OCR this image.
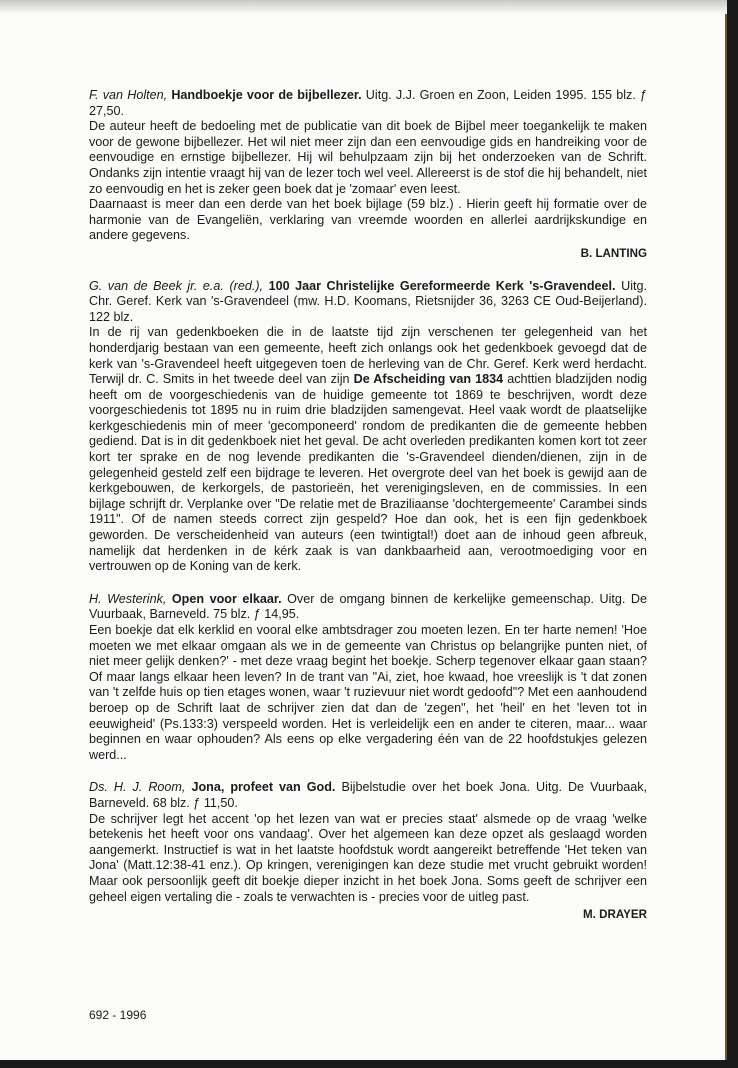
F. van Holten, Handboekje voor de bijbellezer. Uitg. J.J. Groen en Zoon, Leiden 1995. 155 blz. ƒ 27,50.

De auteur heeft de bedoeling met de publicatie van dit boek de Bijbel meer toegankelijk te maken voor de gewone bijbellezer. Het wil niet meer zijn dan een eenvoudige gids en handreiking voor de eenvoudige en ernstige bijbellezer. Hij wil behulpzaam zijn bij het onderzoeken van de Schrift. Ondanks zijn intentie vraagt hij van de lezer toch wel veel. Allereerst is de stof die hij behandelt, niet zo eenvoudig en het is zeker geen boek dat je 'zomaar' even leest.

Daarnaast is meer dan een derde van het boek bijlage (59 blz.) . Hierin geeft hij formatie over de harmonie van de Evangeliën, verklaring van vreemde woorden en allerlei aardrijkskundige en andere gegevens.

B. LANTING

G. van de Beek jr. e.a. (red.), 100 Jaar Christelijke Gereformeerde Kerk 's-Gravendeel. Uitg. Chr. Geref. Kerk van 's-Gravendeel (mw. H.D. Koomans, Rietsnijder 36, 3263 CE Oud-Beijerland). 122 blz.

In de rij van gedenkboeken die in de laatste tijd zijn verschenen ter gelegenheid van het honderdjarig bestaan van een gemeente, heeft zich onlangs ook het gedenkboek gevoegd dat de kerk van 's-Gravendeel heeft uitgegeven toen de herleving van de Chr. Geref. Kerk werd herdacht. Terwijl dr. C. Smits in het tweede deel van zijn De Afscheiding van 1834 achttien bladzijden nodig heeft om de voorgeschiedenis van de huidige gemeente tot 1869 te beschrijven, wordt deze voorgeschiedenis tot 1895 nu in ruim drie bladzijden samengevat. Heel vaak wordt de plaatselijke kerkgeschiedenis min of meer 'gecomponeerd' rondom de predikanten die de gemeente hebben gediend. Dat is in dit gedenkboek niet het geval. De acht overleden predikanten komen kort tot zeer kort ter sprake en de nog levende predikanten die 's-Gravendeel dienden/dienen, zijn in de gelegenheid gesteld zelf een bijdrage te leveren. Het overgrote deel van het boek is gewijd aan de kerkgebouwen, de kerkorgels, de pastorieën, het verenigingsleven, en de commissies. In een bijlage schrijft dr. Verplanke over "De relatie met de Braziliaanse 'dochtergemeente' Carambei sinds 1911". Of de namen steeds correct zijn gespeld? Hoe dan ook, het is een fijn gedenkboek geworden. De verscheidenheid van auteurs (een twintigtal!) doet aan de inhoud geen afbreuk, namelijk dat herdenken in de kérk zaak is van dankbaarheid aan, verootmoediging voor en vertrouwen op de Koning van de kerk.

H. Westerink, Open voor elkaar. Over de omgang binnen de kerkelijke gemeenschap. Uitg. De Vuurbaak, Barneveld. 75 blz. ƒ 14,95.

Een boekje dat elk kerklid en vooral elke ambtsdrager zou moeten lezen. En ter harte nemen! 'Hoe moeten we met elkaar omgaan als we in de gemeente van Christus op belangrijke punten niet, of niet meer gelijk denken?' - met deze vraag begint het boekje. Scherp tegenover elkaar gaan staan? Of maar langs elkaar heen leven? In de trant van "Ai, ziet, hoe kwaad, hoe vreeslijk is 't dat zonen van 't zelfde huis op tien etages wonen, waar 't ruzievuur niet wordt gedoofd"? Met een aanhoudend beroep op de Schrift laat de schrijver zien dat dan de 'zegen", het 'heil' en het 'leven tot in eeuwigheid' (Ps.133:3) verspeeld worden. Het is verleidelijk een en ander te citeren, maar... waar beginnen en waar ophouden? Als eens op elke vergadering één van de 22 hoofdstukjes gelezen werd...

Ds. H. J. Room, Jona, profeet van God. Bijbelstudie over het boek Jona. Uitg. De Vuurbaak, Barneveld. 68 blz. ƒ 11,50.

De schrijver legt het accent 'op het lezen van wat er precies staat' alsmede op de vraag 'welke betekenis het heeft voor ons vandaag'. Over het algemeen kan deze opzet als geslaagd worden aangemerkt. Instructief is wat in het laatste hoofdstuk wordt aangereikt betreffende 'Het teken van Jona' (Matt.12:38-41 enz.). Op kringen, verenigingen kan deze studie met vrucht gebruikt worden! Maar ook persoonlijk geeft dit boekje dieper inzicht in het boek Jona. Soms geeft de schrijver een geheel eigen vertaling die - zoals te verwachten is - precies voor de uitleg past.

M. DRAYER
692 - 1996
